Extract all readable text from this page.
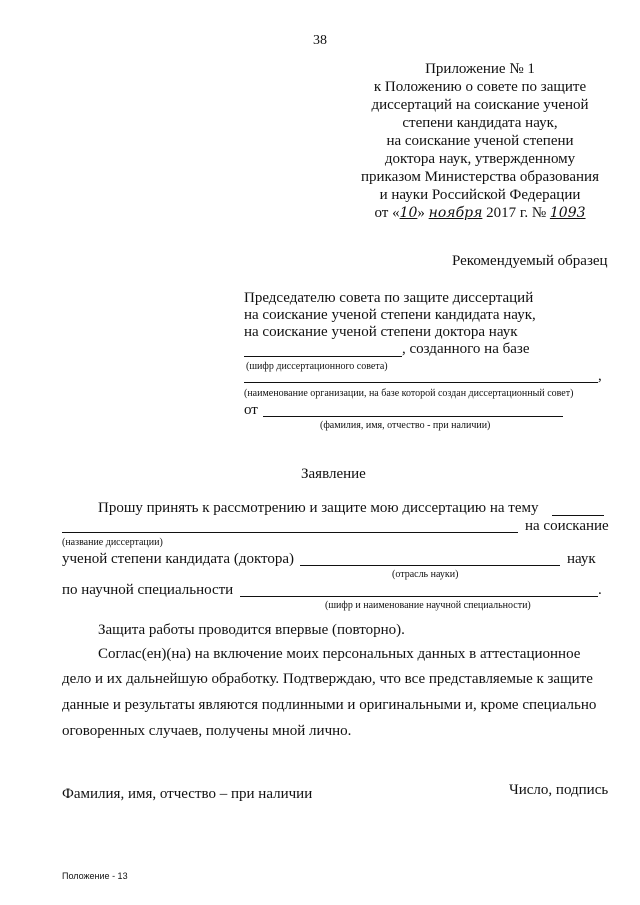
38
Приложение № 1
к Положению о совете по защите
диссертаций на соискание ученой
степени кандидата наук,
на соискание ученой степени
доктора наук, утвержденному
приказом Министерства образования
и науки Российской Федерации
от «10» ноября 2017 г. № 1093
Рекомендуемый образец
Председателю совета по защите диссертаций
на соискание ученой степени кандидата наук,
на соискание ученой степени доктора наук
, созданного на базе
(шифр диссертационного совета)
,
(наименование организации, на базе которой создан диссертационный совет)
от
(фамилия, имя, отчество - при наличии)
Заявление
Прошу принять к рассмотрению и защите мою диссертацию на тему
на соискание
(название диссертации)
ученой степени кандидата (доктора)	наук
(отрасль науки)
по научной специальности	.
(шифр и наименование научной специальности)
Защита работы проводится впервые (повторно).
Соглас(ен)(на) на включение моих персональных данных в аттестационное
дело и их дальнейшую обработку. Подтверждаю, что все представляемые к защите
данные и результаты являются подлинными и оригинальными и, кроме специально
оговоренных случаев, получены мной лично.
Фамилия, имя, отчество – при наличии	Число, подпись
Положение - 13
